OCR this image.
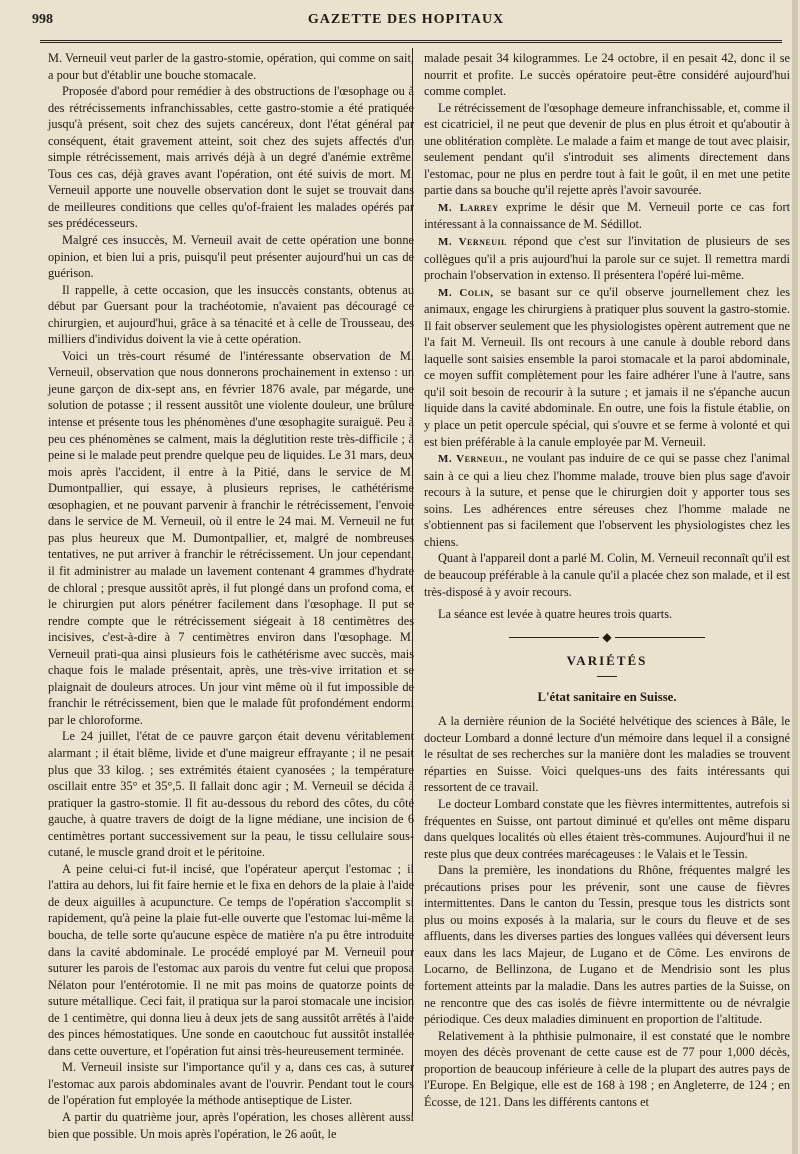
998	GAZETTE DES HOPITAUX

M. Verneuil veut parler de la gastro-stomie, opération, qui comme on sait, a pour but d'établir une bouche stomacale.

Proposée d'abord pour remédier à des obstructions de l'œsophage ou à des rétrécissements infranchissables, cette gastro-stomie a été pratiquée jusqu'à présent, soit chez des sujets cancéreux, dont l'état général par conséquent, était gravement atteint, soit chez des sujets affectés d'un simple rétrécissement, mais arrivés déjà à un degré d'anémie extrême. Tous ces cas, déjà graves avant l'opération, ont été suivis de mort. M. Verneuil apporte une nouvelle observation dont le sujet se trouvait dans de meilleures conditions que celles qu'of-fraient les malades opérés par ses prédécesseurs.

Malgré ces insuccès, M. Verneuil avait de cette opération une bonne opinion, et bien lui a pris, puisqu'il peut présenter aujourd'hui un cas de guérison.

Il rappelle, à cette occasion, que les insuccès constants, obtenus au début par Guersant pour la trachéotomie, n'avaient pas découragé ce chirurgien, et aujourd'hui, grâce à sa ténacité et à celle de Trousseau, des milliers d'individus doivent la vie à cette opération.

Voici un très-court résumé de l'intéressante observation de M. Verneuil, observation que nous donnerons prochainement in extenso : un jeune garçon de dix-sept ans, en février 1876 avale, par mégarde, une solution de potasse ; il ressent aussitôt une violente douleur, une brûlure intense et présente tous les phénomènes d'une œsophagite suraiguë. Peu à peu ces phénomènes se calment, mais la déglutition reste très-difficile ; à peine si le malade peut prendre quelque peu de liquides. Le 31 mars, deux mois après l'accident, il entre à la Pitié, dans le service de M. Dumontpallier, qui essaye, à plusieurs reprises, le cathétérisme œsophagien, et ne pouvant parvenir à franchir le rétrécissement, l'envoie dans le service de M. Verneuil, où il entre le 24 mai. M. Verneuil ne fut pas plus heureux que M. Dumontpallier, et, malgré de nombreuses tentatives, ne put arriver à franchir le rétrécissement. Un jour cependant, il fit administrer au malade un lavement contenant 4 grammes d'hydrate de chloral ; presque aussitôt après, il fut plongé dans un profond coma, et le chirurgien put alors pénétrer facilement dans l'œsophage. Il put se rendre compte que le rétrécissement siégeait à 18 centimètres des incisives, c'est-à-dire à 7 centimètres environ dans l'œsophage. M. Verneuil prati-qua ainsi plusieurs fois le cathétérisme avec succès, mais chaque fois le malade présentait, après, une très-vive irritation et se plaignait de douleurs atroces. Un jour vint même où il fut impossible de franchir le rétrécissement, bien que le malade fût profondément endormi par le chloroforme.

Le 24 juillet, l'état de ce pauvre garçon était devenu véritablement alarmant ; il était blême, livide et d'une maigreur effrayante ; il ne pesait plus que 33 kilog. ; ses extrémités étaient cyanosées ; la température oscillait entre 35° et 35°,5. Il fallait donc agir ; M. Verneuil se décida à pratiquer la gastro-stomie. Il fit au-dessous du rebord des côtes, du côté gauche, à quatre travers de doigt de la ligne médiane, une incision de 6 centimètres portant successivement sur la peau, le tissu cellulaire sous-cutané, le muscle grand droit et le péritoine.

A peine celui-ci fut-il incisé, que l'opérateur aperçut l'estomac ; il l'attira au dehors, lui fit faire hernie et le fixa en dehors de la plaie à l'aide de deux aiguilles à acupuncture. Ce temps de l'opération s'accomplit si rapidement, qu'à peine la plaie fut-elle ouverte que l'estomac lui-même la boucha, de telle sorte qu'aucune espèce de matière n'a pu être introduite dans la cavité abdominale. Le procédé employé par M. Verneuil pour suturer les parois de l'estomac aux parois du ventre fut celui que proposa Nélaton pour l'entérotomie. Il ne mit pas moins de quatorze points de suture métallique. Ceci fait, il pratiqua sur la paroi stomacale une incision de 1 centimètre, qui donna lieu à deux jets de sang aussitôt arrêtés à l'aide des pinces hémostatiques. Une sonde en caoutchouc fut aussitôt installée dans cette ouverture, et l'opération fut ainsi très-heureusement terminée.

M. Verneuil insiste sur l'importance qu'il y a, dans ces cas, à suturer l'estomac aux parois abdominales avant de l'ouvrir. Pendant tout le cours de l'opération fut employée la méthode antiseptique de Lister.

A partir du quatrième jour, après l'opération, les choses allèrent aussi bien que possible. Un mois après l'opération, le 26 août, le

malade pesait 34 kilogrammes. Le 24 octobre, il en pesait 42, donc il se nourrit et profite. Le succès opératoire peut-être considéré aujourd'hui comme complet.

Le rétrécissement de l'œsophage demeure infranchissable, et, comme il est cicatriciel, il ne peut que devenir de plus en plus étroit et qu'aboutir à une oblitération complète. Le malade a faim et mange de tout avec plaisir, seulement pendant qu'il s'introduit ses aliments directement dans l'estomac, pour ne plus en perdre tout à fait le goût, il en met une petite partie dans sa bouche qu'il rejette après l'avoir savourée.

M. Larrey exprime le désir que M. Verneuil porte ce cas fort intéressant à la connaissance de M. Sédillot.

M. Verneuil répond que c'est sur l'invitation de plusieurs de ses collègues qu'il a pris aujourd'hui la parole sur ce sujet. Il remettra mardi prochain l'observation in extenso. Il présentera l'opéré lui-même.

M. Colin, se basant sur ce qu'il observe journellement chez les animaux, engage les chirurgiens à pratiquer plus souvent la gastro-stomie. Il fait observer seulement que les physiologistes opèrent autrement que ne l'a fait M. Verneuil. Ils ont recours à une canule à double rebord dans laquelle sont saisies ensemble la paroi stomacale et la paroi abdominale, ce moyen suffit complètement pour les faire adhérer l'une à l'autre, sans qu'il soit besoin de recourir à la suture ; et jamais il ne s'épanche aucun liquide dans la cavité abdominale. En outre, une fois la fistule établie, on y place un petit opercule spécial, qui s'ouvre et se ferme à volonté et qui est bien préférable à la canule employée par M. Verneuil.

M. Verneuil, ne voulant pas induire de ce qui se passe chez l'animal sain à ce qui a lieu chez l'homme malade, trouve bien plus sage d'avoir recours à la suture, et pense que le chirurgien doit y apporter tous ses soins. Les adhérences entre séreuses chez l'homme malade ne s'obtiennent pas si facilement que l'observent les physiologistes chez les chiens.

Quant à l'appareil dont a parlé M. Colin, M. Verneuil reconnaît qu'il est de beaucoup préférable à la canule qu'il a placée chez son malade, et il est très-disposé à y avoir recours.

La séance est levée à quatre heures trois quarts.

◆
VARIÉTÉS
L'état sanitaire en Suisse.

A la dernière réunion de la Société helvétique des sciences à Bâle, le docteur Lombard a donné lecture d'un mémoire dans lequel il a consigné le résultat de ses recherches sur la manière dont les maladies se trouvent réparties en Suisse. Voici quelques-uns des faits intéressants qui ressortent de ce travail.

Le docteur Lombard constate que les fièvres intermittentes, autrefois si fréquentes en Suisse, ont partout diminué et qu'elles ont même disparu dans quelques localités où elles étaient très-communes. Aujourd'hui il ne reste plus que deux contrées marécageuses : le Valais et le Tessin.

Dans la première, les inondations du Rhône, fréquentes malgré les précautions prises pour les prévenir, sont une cause de fièvres intermittentes. Dans le canton du Tessin, presque tous les districts sont plus ou moins exposés à la malaria, sur le cours du fleuve et de ses affluents, dans les diverses parties des longues vallées qui déversent leurs eaux dans les lacs Majeur, de Lugano et de Côme. Les environs de Locarno, de Bellinzona, de Lugano et de Mendrisio sont les plus fortement atteints par la maladie. Dans les autres parties de la Suisse, on ne rencontre que des cas isolés de fièvre intermittente ou de névralgie périodique. Ces deux maladies diminuent en proportion de l'altitude.

Relativement à la phthisie pulmonaire, il est constaté que le nombre moyen des décès provenant de cette cause est de 77 pour 1,000 décès, proportion de beaucoup inférieure à celle de la plupart des autres pays de l'Europe. En Belgique, elle est de 168 à 198 ; en Angleterre, de 124 ; en Écosse, de 121. Dans les différents cantons et
